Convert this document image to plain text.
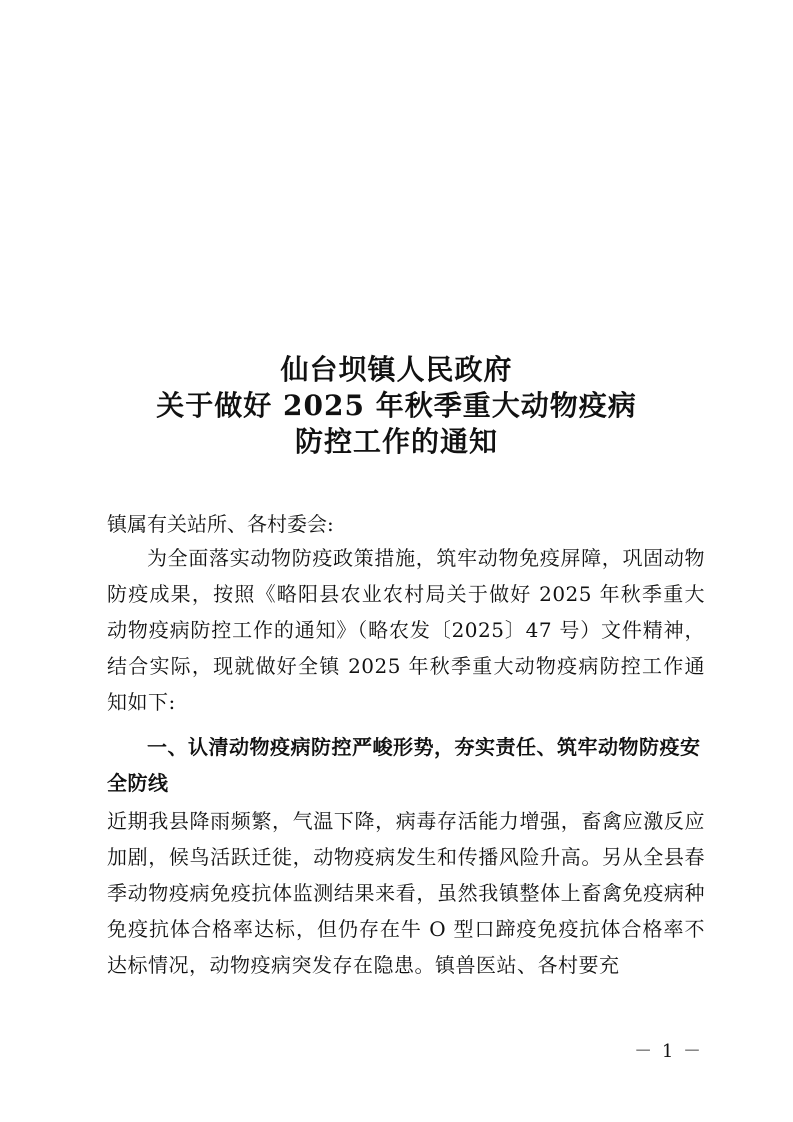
仙台坝镇人民政府
关于做好 2025 年秋季重大动物疫病
防控工作的通知
镇属有关站所、各村委会:
为全面落实动物防疫政策措施，筑牢动物免疫屏障，巩固动物防疫成果，按照《略阳县农业农村局关于做好 2025 年秋季重大动物疫病防控工作的通知》（略农发〔2025〕47 号）文件精神，结合实际，现就做好全镇 2025 年秋季重大动物疫病防控工作通知如下:
一、认清动物疫病防控严峻形势，夯实责任、筑牢动物防疫安全防线
近期我县降雨频繁，气温下降，病毒存活能力增强，畜禽应激反应加剧，候鸟活跃迁徙，动物疫病发生和传播风险升高。另从全县春季动物疫病免疫抗体监测结果来看，虽然我镇整体上畜禽免疫病种免疫抗体合格率达标，但仍存在牛 O 型口蹄疫免疫抗体合格率不达标情况，动物疫病突发存在隐患。镇兽医站、各村要充
－ 1 －
